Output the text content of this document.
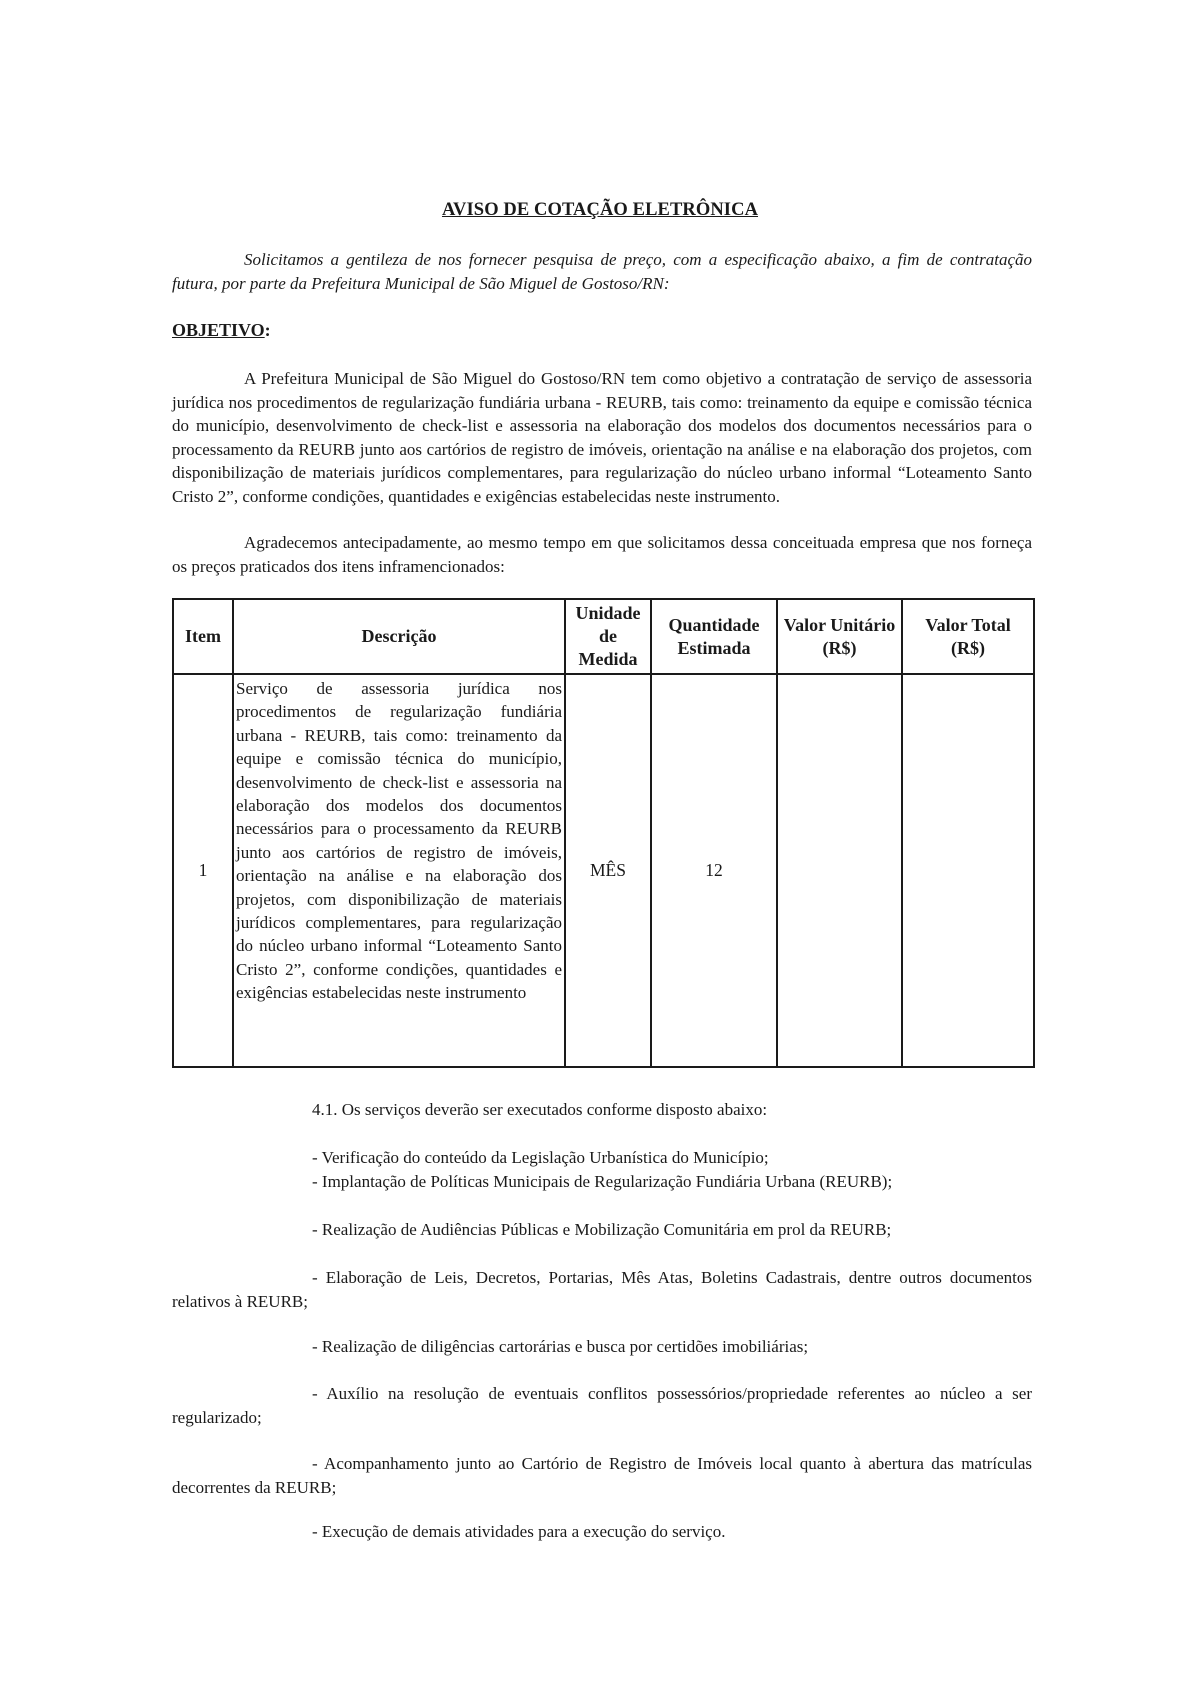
AVISO DE COTAÇÃO ELETRÔNICA
Solicitamos a gentileza de nos fornecer pesquisa de preço, com a especificação abaixo, a fim de contratação futura, por parte da Prefeitura Municipal de São Miguel de Gostoso/RN:
OBJETIVO:
A Prefeitura Municipal de São Miguel do Gostoso/RN tem como objetivo a contratação de serviço de assessoria jurídica nos procedimentos de regularização fundiária urbana - REURB, tais como: treinamento da equipe e comissão técnica do município, desenvolvimento de check-list e assessoria na elaboração dos modelos dos documentos necessários para o processamento da REURB junto aos cartórios de registro de imóveis, orientação na análise e na elaboração dos projetos, com disponibilização de materiais jurídicos complementares, para regularização do núcleo urbano informal “Loteamento Santo Cristo 2”, conforme condições, quantidades e exigências estabelecidas neste instrumento.
Agradecemos antecipadamente, ao mesmo tempo em que solicitamos dessa conceituada empresa que nos forneça os preços praticados dos itens inframencionados:
Item	Descrição	Unidade de Medida	Quantidade Estimada	Valor Unitário (R$)	Valor Total (R$)
1	Serviço de assessoria jurídica nos procedimentos de regularização fundiária urbana - REURB, tais como: treinamento da equipe e comissão técnica do município, desenvolvimento de check-list e assessoria na elaboração dos modelos dos documentos necessários para o processamento da REURB junto aos cartórios de registro de imóveis, orientação na análise e na elaboração dos projetos, com disponibilização de materiais jurídicos complementares, para regularização do núcleo urbano informal “Loteamento Santo Cristo 2”, conforme condições, quantidades e exigências estabelecidas neste instrumento	MÊS	12		
4.1. Os serviços deverão ser executados conforme disposto abaixo:
- Verificação do conteúdo da Legislação Urbanística do Município;
- Implantação de Políticas Municipais de Regularização Fundiária Urbana (REURB);
- Realização de Audiências Públicas e Mobilização Comunitária em prol da REURB;
- Elaboração de Leis, Decretos, Portarias, Mês Atas, Boletins Cadastrais, dentre outros documentos relativos à REURB;
- Realização de diligências cartorárias e busca por certidões imobiliárias;
- Auxílio na resolução de eventuais conflitos possessórios/propriedade referentes ao núcleo a ser regularizado;
- Acompanhamento junto ao Cartório de Registro de Imóveis local quanto à abertura das matrículas decorrentes da REURB;
- Execução de demais atividades para a execução do serviço.
